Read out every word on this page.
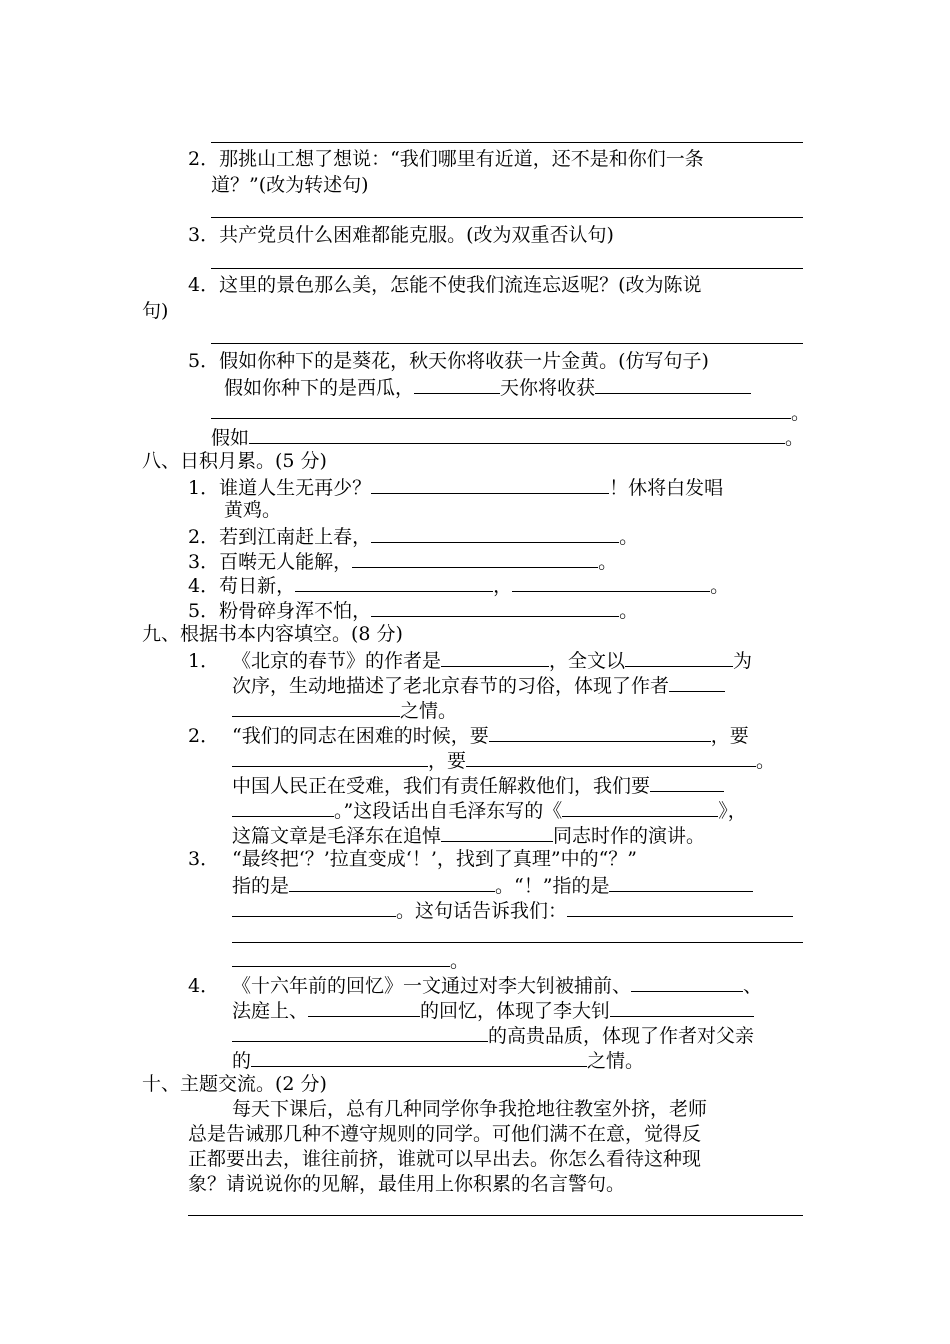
2．那挑山工想了想说：“我们哪里有近道，还不是和你们一条
道？”(改为转述句)
3．共产党员什么困难都能克服。(改为双重否认句)
4．这里的景色那么美，怎能不使我们流连忘返呢？(改为陈说
句)
5．假如你种下的是葵花，秋天你将收获一片金黄。(仿写句子)
假如你种下的是西瓜，	天你将收获
。
假如	。
八、日积月累。(5 分)
1．谁道人生无再少？	！休将白发唱
黄鸡。
2．若到江南赶上春，	。
3．百啭无人能解，	。
4．苟日新，	，	。
5．粉骨碎身浑不怕，	。
九、根据书本内容填空。(8 分)
1． 《北京的春节》的作者是	，全文以	为
次序，生动地描述了老北京春节的习俗，体现了作者
之情。
2． “我们的同志在困难的时候，要	，要
，要	。
中国人民正在受难，我们有责任解救他们，我们要
。”这段话出自毛泽东写的《	》，
这篇文章是毛泽东在追悼	同志时作的演讲。
3． “最终把‘？’拉直变成‘！’，找到了真理”中的“？”
指的是	。“！”指的是
。这句话告诉我们：
。
4． 《十六年前的回忆》一文通过对李大钊被捕前、	、
法庭上、	的回忆，体现了李大钊
的高贵品质，体现了作者对父亲
的	之情。
十、主题交流。(2 分)
每天下课后，总有几种同学你争我抢地往教室外挤，老师
总是告诫那几种不遵守规则的同学。可他们满不在意，觉得反
正都要出去，谁往前挤，谁就可以早出去。你怎么看待这种现
象？请说说你的见解，最佳用上你积累的名言警句。
